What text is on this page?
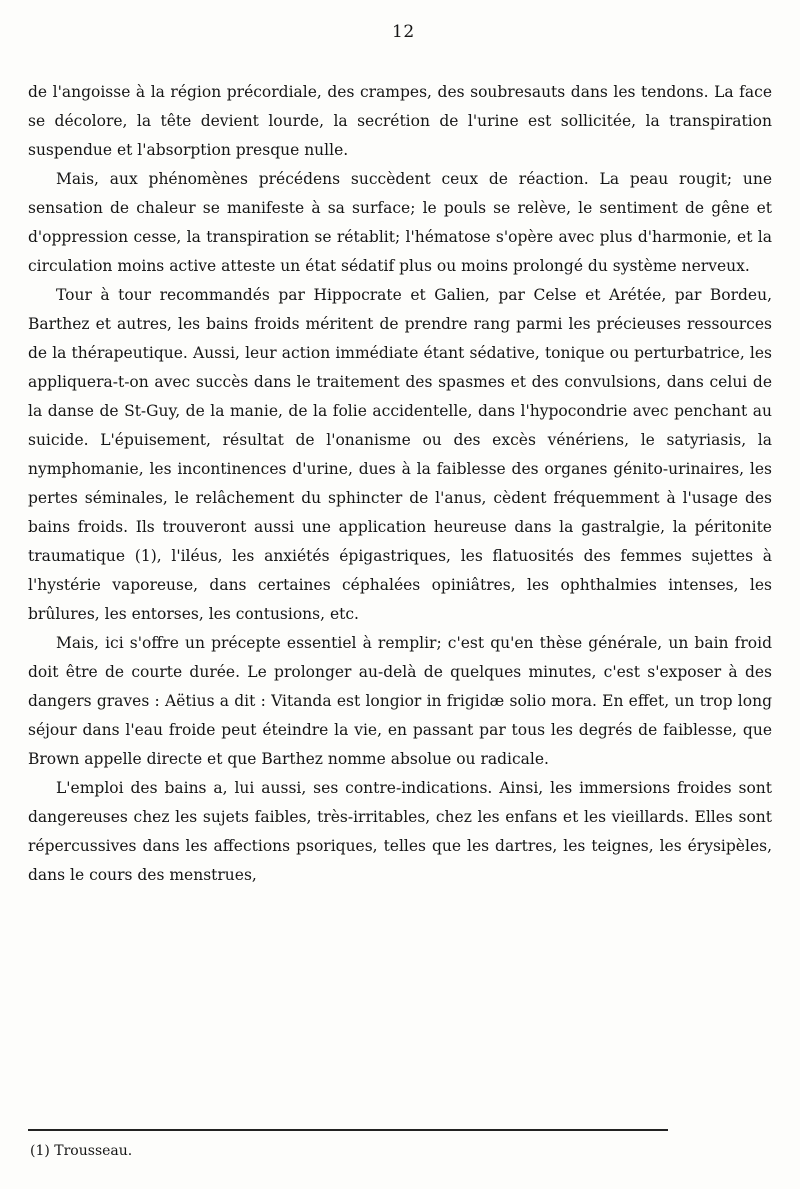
12

de l'angoisse à la région précordiale, des crampes, des soubresauts dans les tendons. La face se décolore, la tête devient lourde, la secrétion de l'urine est sollicitée, la transpiration suspendue et l'absorption presque nulle.

Mais, aux phénomènes précédens succèdent ceux de réaction. La peau rougit; une sensation de chaleur se manifeste à sa surface; le pouls se relève, le sentiment de gêne et d'oppression cesse, la transpiration se rétablit; l'hématose s'opère avec plus d'harmonie, et la circulation moins active atteste un état sédatif plus ou moins prolongé du système nerveux.

Tour à tour recommandés par Hippocrate et Galien, par Celse et Arétée, par Bordeu, Barthez et autres, les bains froids méritent de prendre rang parmi les précieuses ressources de la thérapeutique. Aussi, leur action immédiate étant sédative, tonique ou perturbatrice, les appliquera-t-on avec succès dans le traitement des spasmes et des convulsions, dans celui de la danse de St-Guy, de la manie, de la folie accidentelle, dans l'hypocondrie avec penchant au suicide. L'épuisement, résultat de l'onanisme ou des excès vénériens, le satyriasis, la nymphomanie, les incontinences d'urine, dues à la faiblesse des organes génito-urinaires, les pertes séminales, le relâchement du sphincter de l'anus, cèdent fréquemment à l'usage des bains froids. Ils trouveront aussi une application heureuse dans la gastralgie, la péritonite traumatique (1), l'iléus, les anxiétés épigastriques, les flatuosités des femmes sujettes à l'hystérie vaporeuse, dans certaines céphalées opiniâtres, les ophthalmies intenses, les brûlures, les entorses, les contusions, etc.

Mais, ici s'offre un précepte essentiel à remplir; c'est qu'en thèse générale, un bain froid doit être de courte durée. Le prolonger au-delà de quelques minutes, c'est s'exposer à des dangers graves : Aëtius a dit : Vitanda est longior in frigidæ solio mora. En effet, un trop long séjour dans l'eau froide peut éteindre la vie, en passant par tous les degrés de faiblesse, que Brown appelle directe et que Barthez nomme absolue ou radicale.

L'emploi des bains a, lui aussi, ses contre-indications. Ainsi, les immersions froides sont dangereuses chez les sujets faibles, très-irritables, chez les enfans et les vieillards. Elles sont répercussives dans les affections psoriques, telles que les dartres, les teignes, les érysipèles, dans le cours des menstrues,

(1) Trousseau.
